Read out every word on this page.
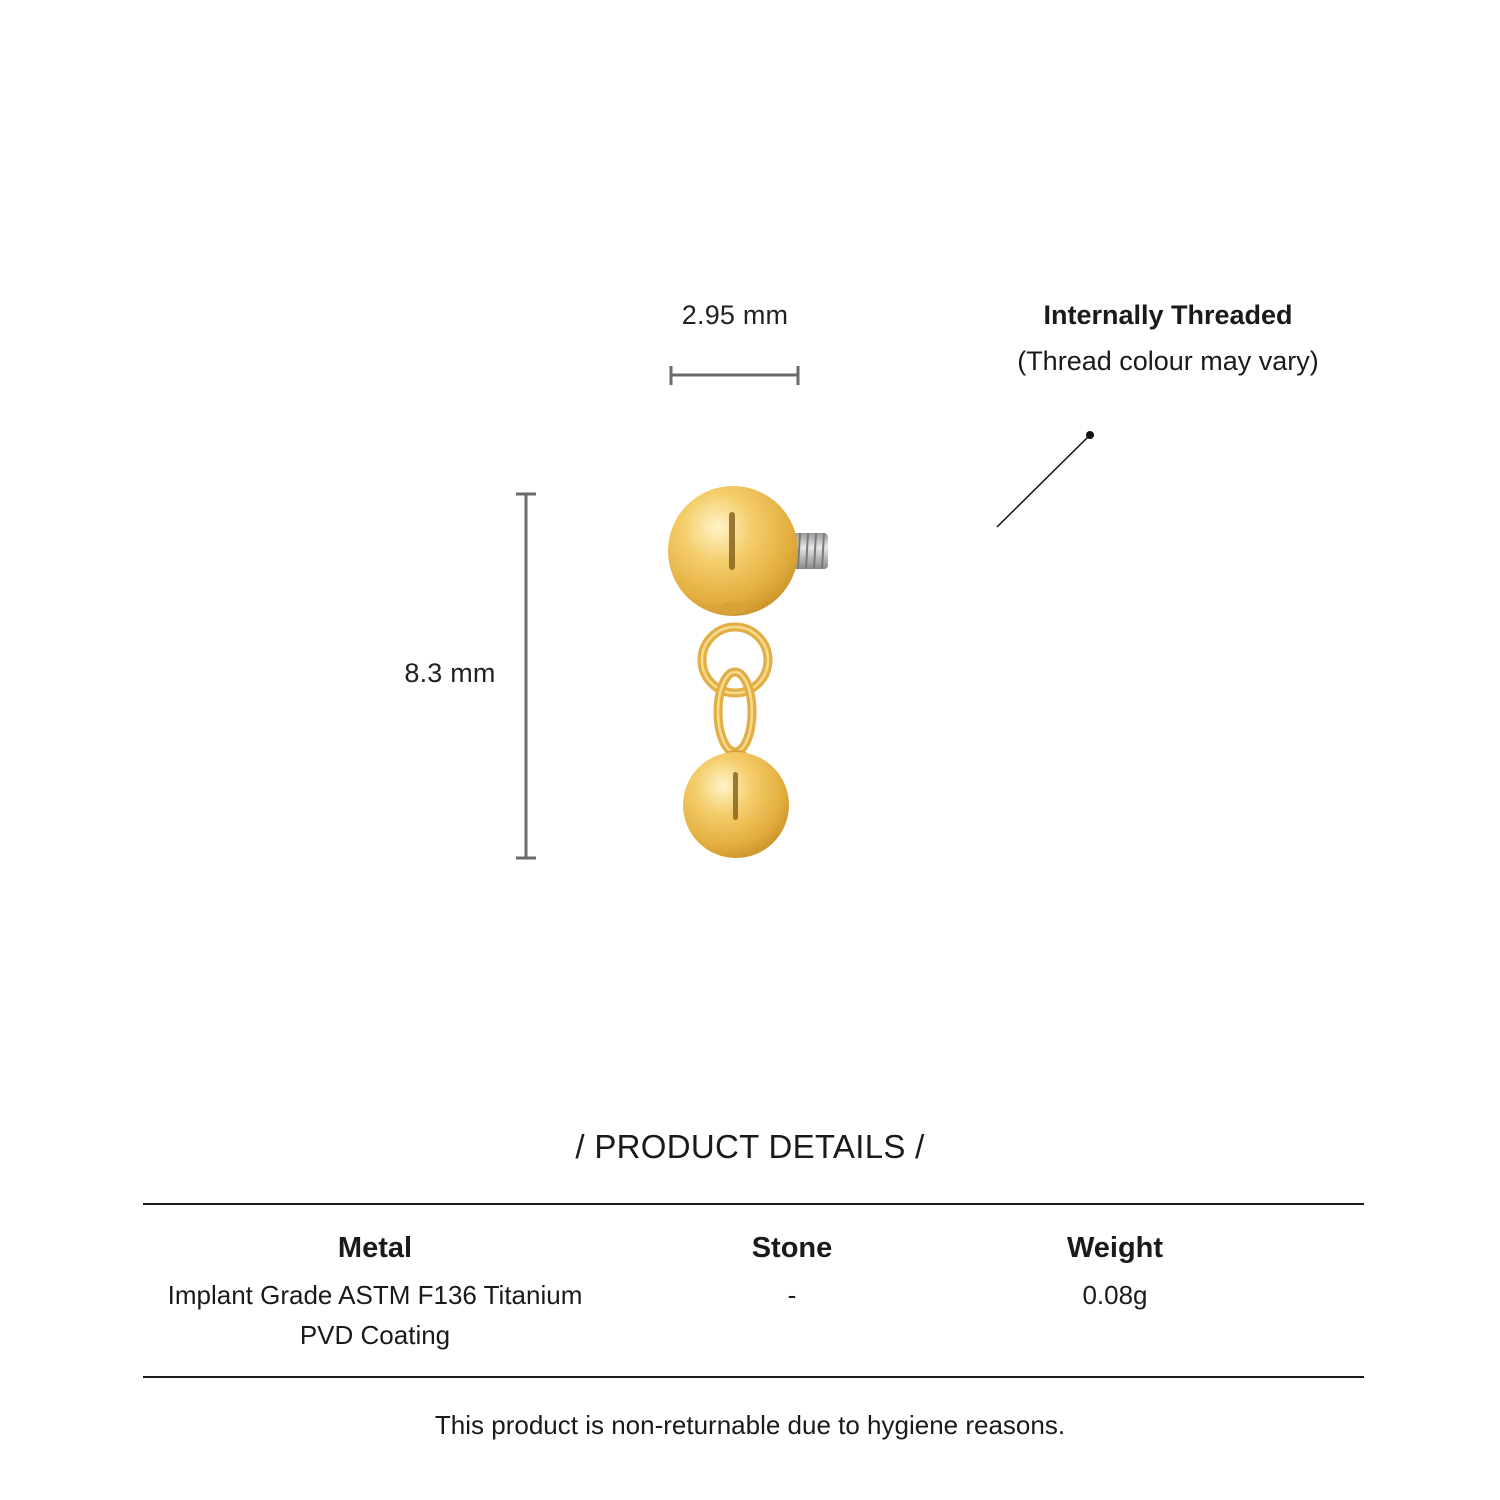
2.95 mm
8.3 mm
Internally Threaded
(Thread colour may vary)
/ PRODUCT DETAILS /
Metal
Implant Grade ASTM F136 Titanium
PVD Coating
Stone
-
Weight
0.08g
This product is non-returnable due to hygiene reasons.
